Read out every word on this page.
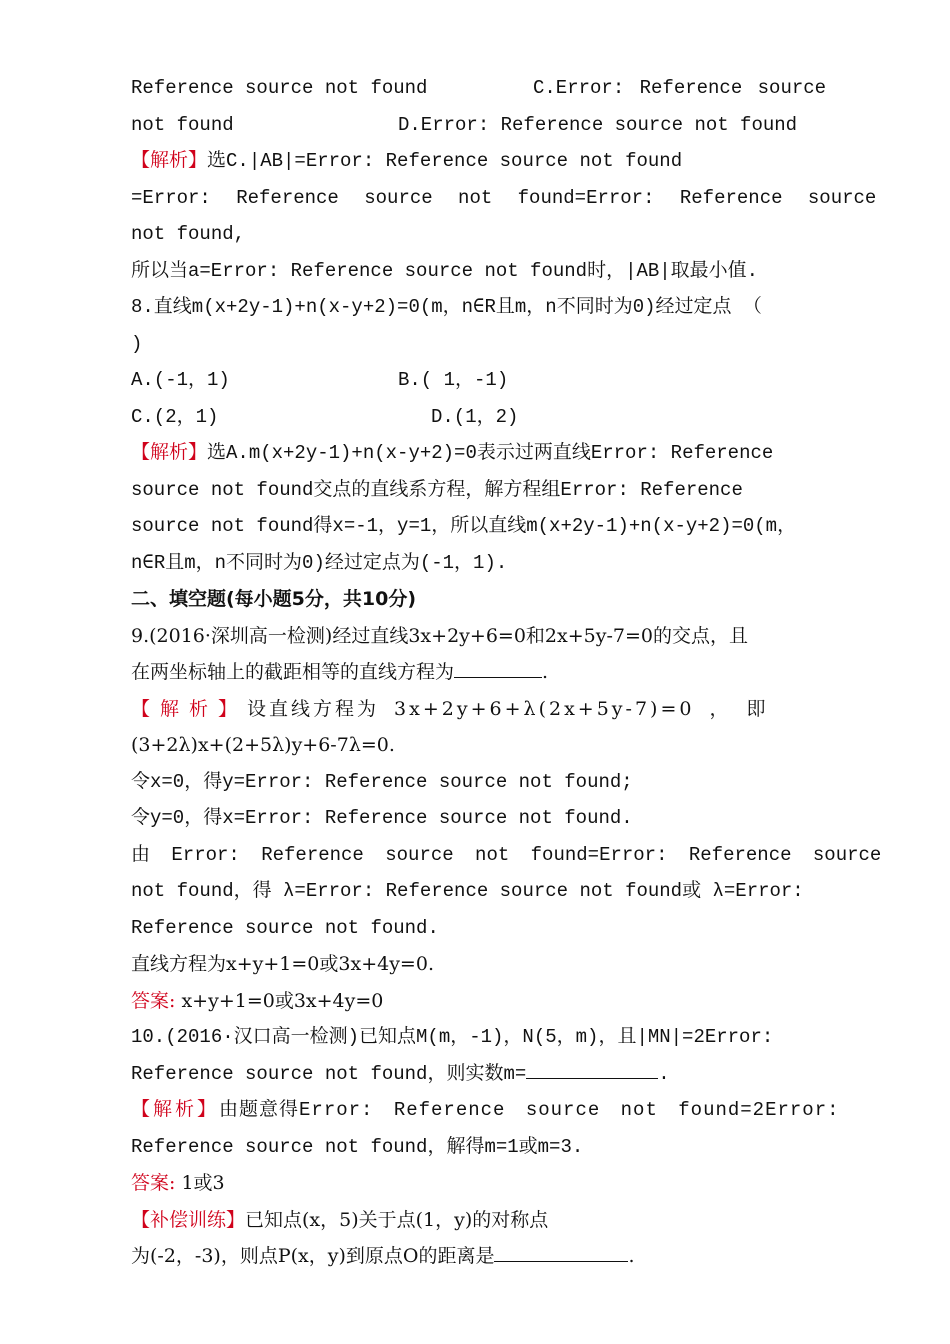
Reference source not found	C.Error: Reference source
not found	D.Error: Reference source not found
【解析】选C.|AB|=Error: Reference source not found
=Error: Reference source not found=Error: Reference source
not found,
所以当a=Error: Reference source not found时，|AB|取最小值.
8.直线m(x+2y-1)+n(x-y+2)=0(m，n∈R且m，n不同时为0)经过定点 （
)
A.(-1，1)	B.( 1，-1)
C.(2，1)	D.(1，2)
【解析】选A.m(x+2y-1)+n(x-y+2)=0表示过两直线Error: Reference
source not found交点的直线系方程，解方程组Error: Reference
source not found得x=-1，y=1，所以直线m(x+2y-1)+n(x-y+2)=0(m，
n∈R且m，n不同时为0)经过定点为(-1，1).
二、填空题(每小题5分，共10分)
9.(2016·深圳高一检测)经过直线3x+2y+6=0和2x+5y-7=0的交点，且
在两坐标轴上的截距相等的直线方程为	.
【解析】设直线方程为 3x+2y+6+λ(2x+5y-7)=0 ， 即
(3+2λ)x+(2+5λ)y+6-7λ=0.
令x=0，得y=Error: Reference source not found;
令y=0，得x=Error: Reference source not found.
由 Error: Reference source not found=Error: Reference source
not found，得 λ=Error: Reference source not found或 λ=Error:
Reference source not found.
直线方程为x+y+1=0或3x+4y=0.
答案: x+y+1=0或3x+4y=0
10.(2016·汉口高一检测)已知点M(m，-1)，N(5，m)，且|MN|=2Error:
Reference source not found，则实数m=	.
【解析】由题意得Error: Reference source not found=2Error:
Reference source not found，解得m=1或m=3.
答案: 1或3
【补偿训练】已知点(x，5)关于点(1，y)的对称点
为(-2，-3)，则点P(x，y)到原点O的距离是	.
